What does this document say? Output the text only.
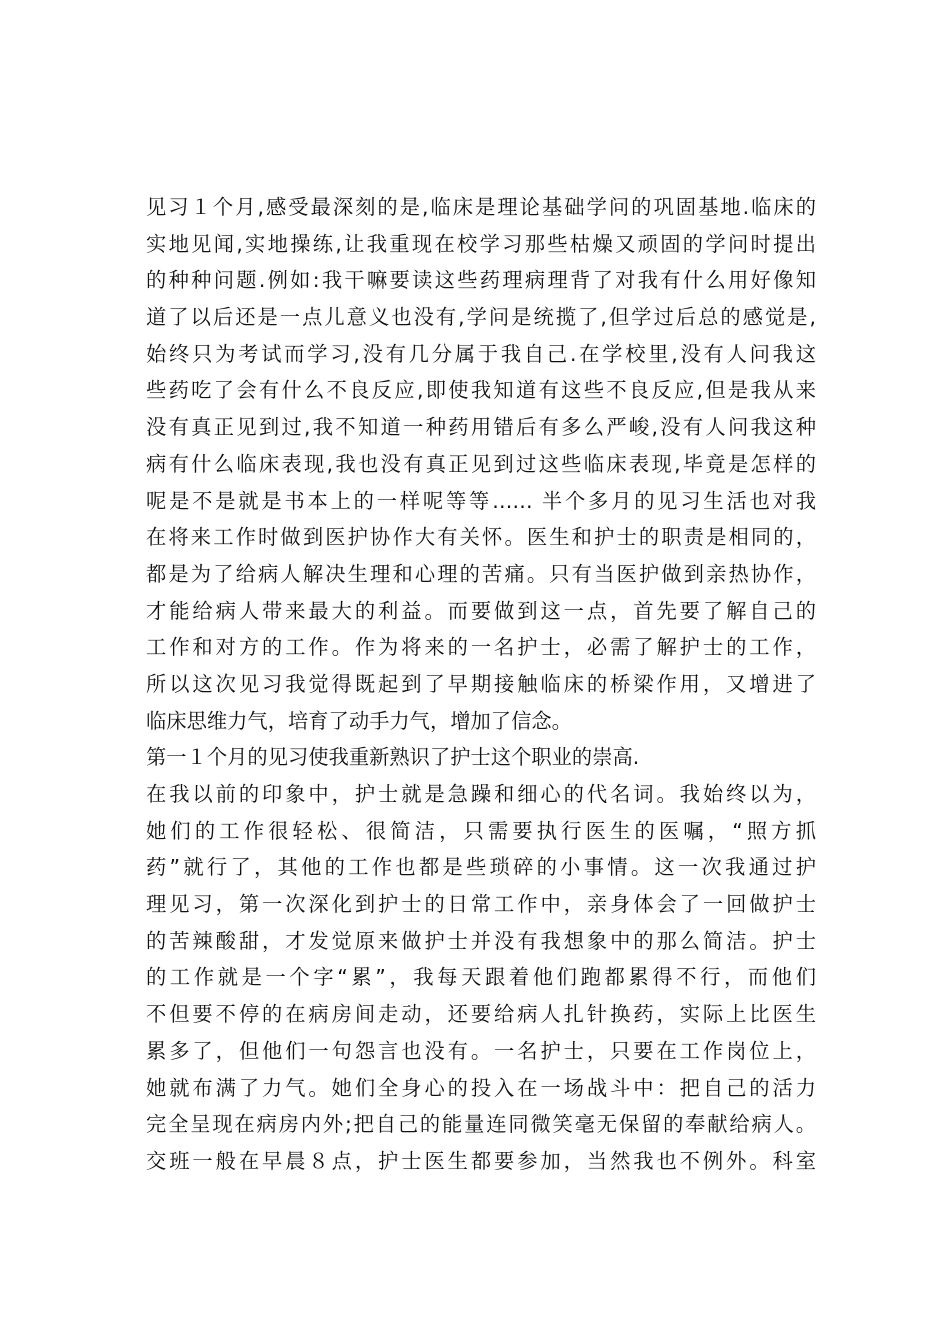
见习１个月,感受最深刻的是,临床是理论基础学问的巩固基地.临床的
实地见闻,实地操练,让我重现在校学习那些枯燥又顽固的学问时提出
的种种问题.例如:我干嘛要读这些药理病理背了对我有什么用好像知
道了以后还是一点儿意义也没有,学问是统揽了,但学过后总的感觉是,
始终只为考试而学习,没有几分属于我自己.在学校里,没有人问我这
些药吃了会有什么不良反应,即使我知道有这些不良反应,但是我从来
没有真正见到过,我不知道一种药用错后有多么严峻,没有人问我这种
病有什么临床表现,我也没有真正见到过这些临床表现,毕竟是怎样的
呢是不是就是书本上的一样呢等等…… 半个多月的见习生活也对我
在将来工作时做到医护协作大有关怀。医生和护士的职责是相同的，
都是为了给病人解决生理和心理的苦痛。只有当医护做到亲热协作，
才能给病人带来最大的利益。而要做到这一点，首先要了解自己的
工作和对方的工作。作为将来的一名护士，必需了解护士的工作，
所以这次见习我觉得既起到了早期接触临床的桥梁作用，又增进了
临床思维力气，培育了动手力气，增加了信念。
第一１个月的见习使我重新熟识了护士这个职业的崇高.
在我以前的印象中，护士就是急躁和细心的代名词。我始终以为，
她们的工作很轻松、很简洁，只需要执行医生的医嘱，“照方抓
药”就行了，其他的工作也都是些琐碎的小事情。这一次我通过护
理见习，第一次深化到护士的日常工作中，亲身体会了一回做护士
的苦辣酸甜，才发觉原来做护士并没有我想象中的那么简洁。护士
的工作就是一个字“累”，我每天跟着他们跑都累得不行，而他们
不但要不停的在病房间走动，还要给病人扎针换药，实际上比医生
累多了，但他们一句怨言也没有。一名护士，只要在工作岗位上，
她就布满了力气。她们全身心的投入在一场战斗中：把自己的活力
完全呈现在病房内外;把自己的能量连同微笑毫无保留的奉献给病人。
交班一般在早晨８点，护士医生都要参加，当然我也不例外。科室
